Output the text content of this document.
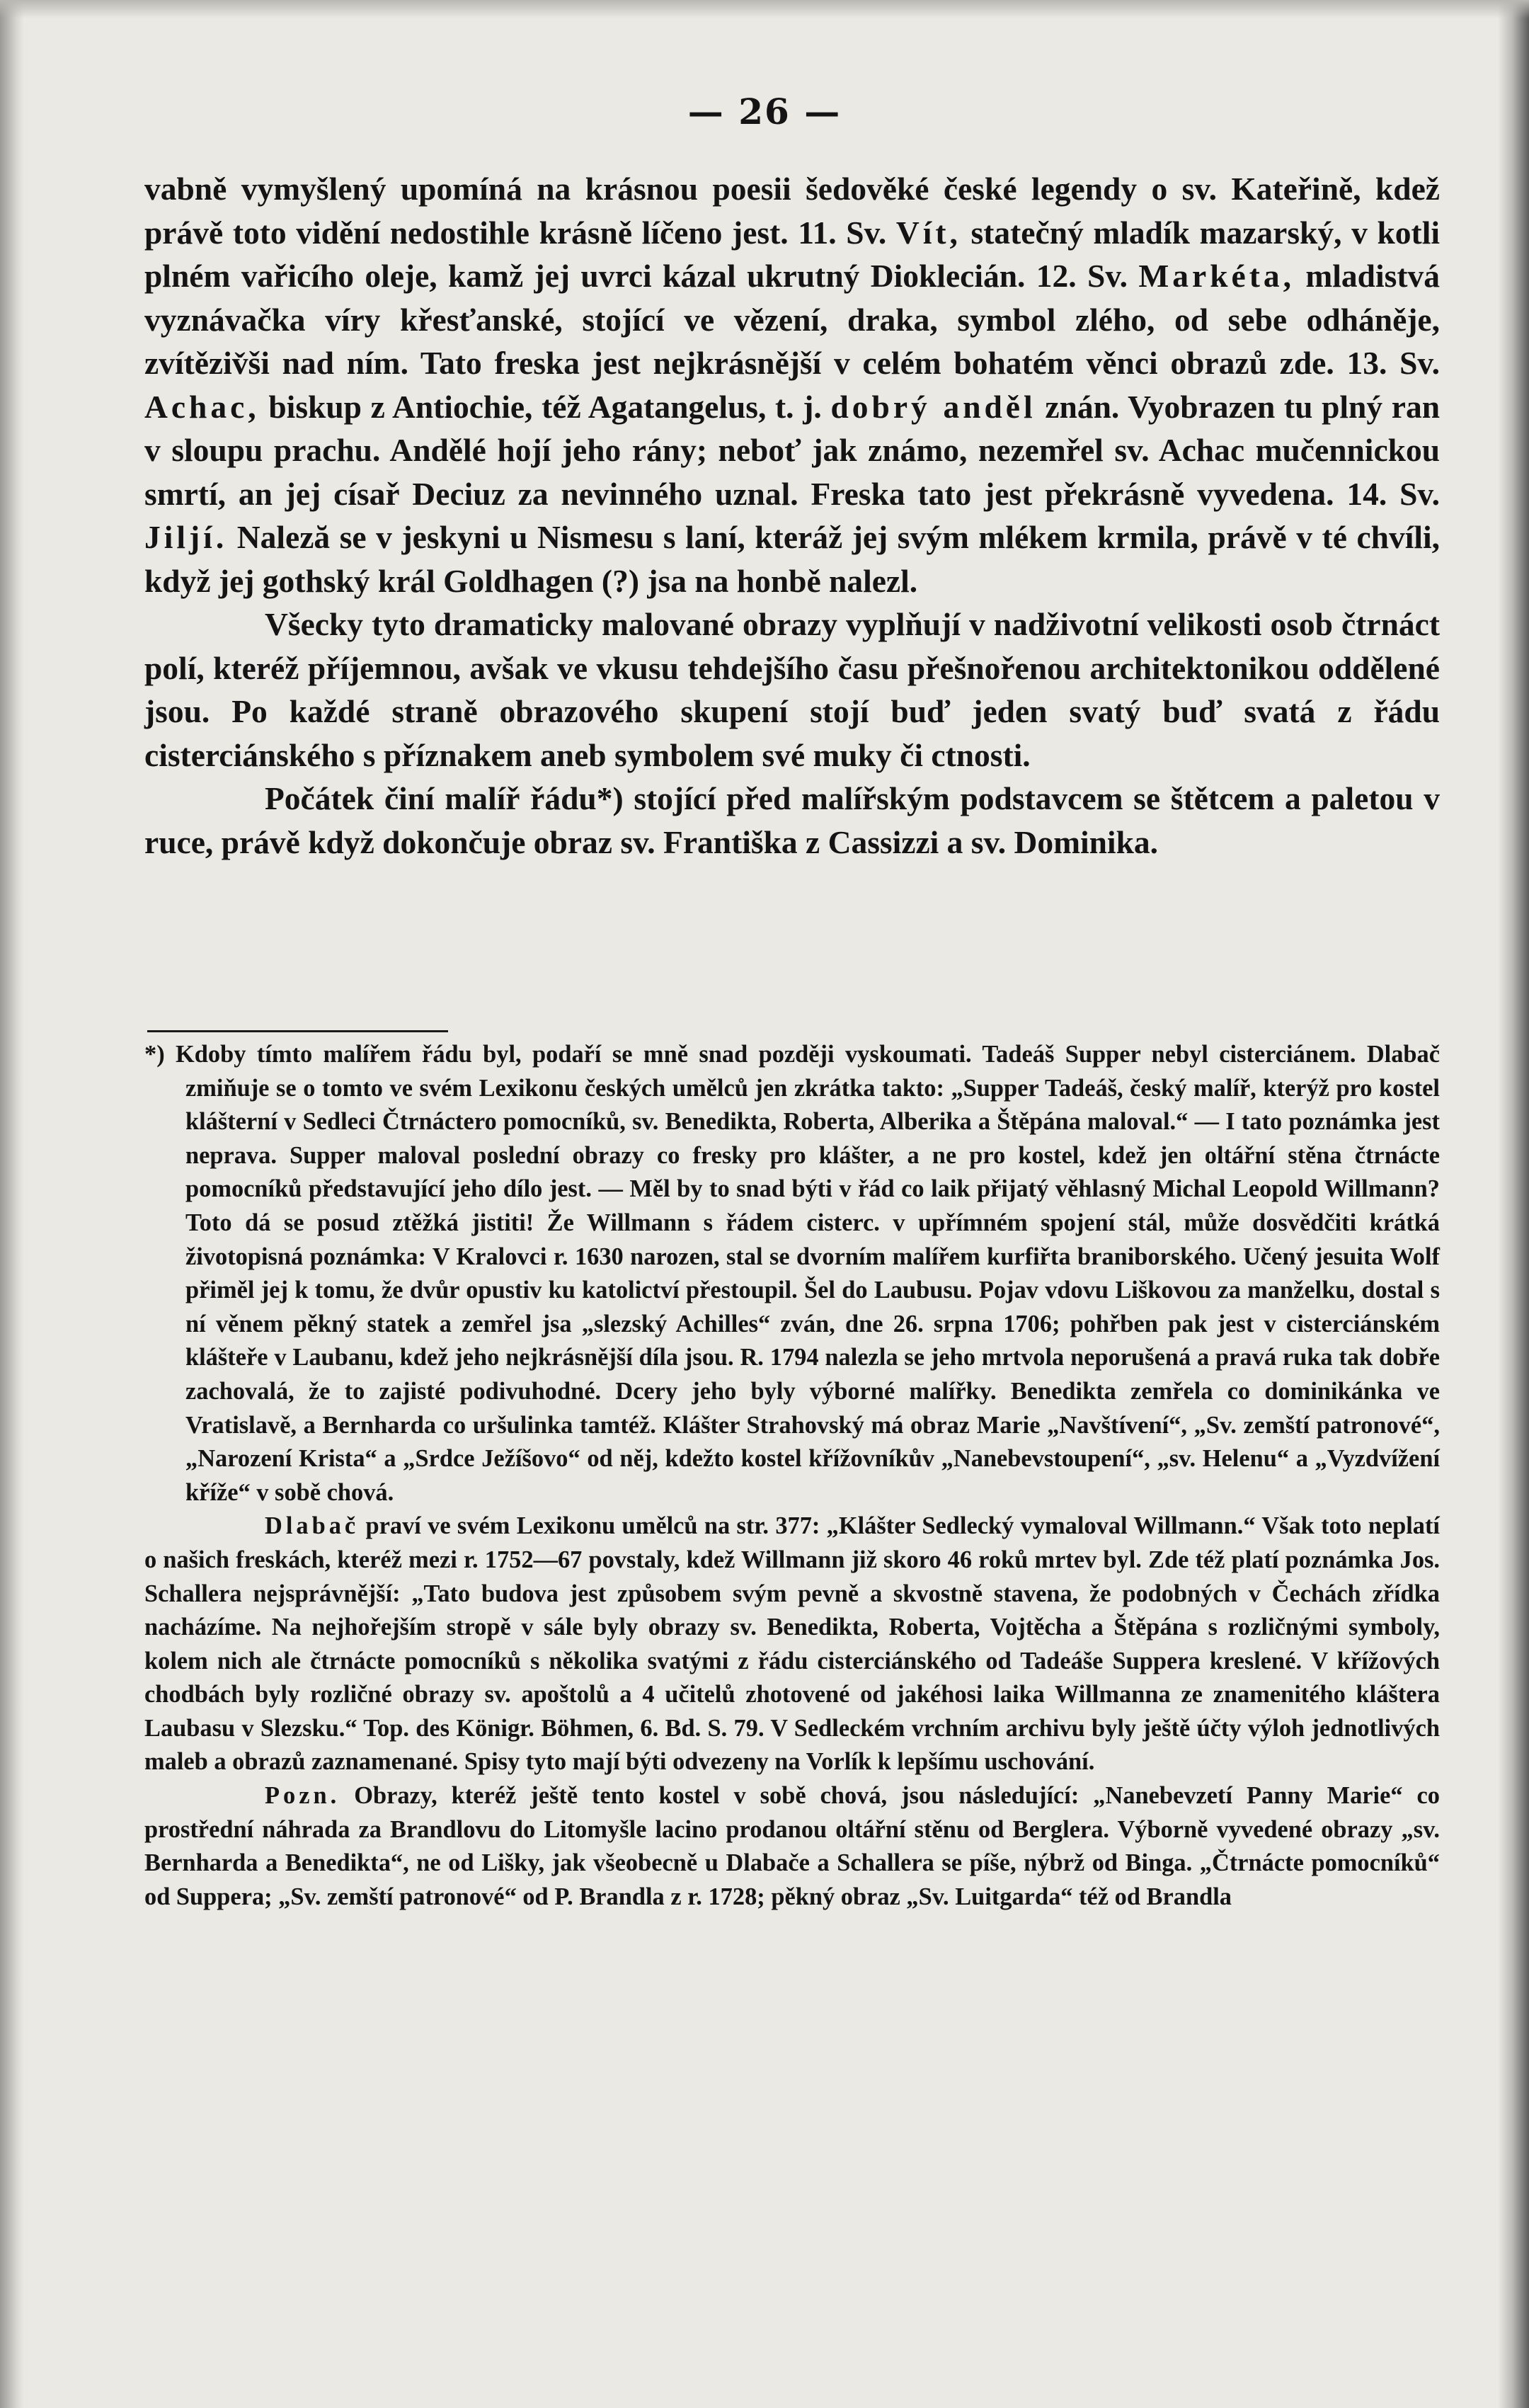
— 26 —

vabně vymyšlený upomíná na krásnou poesii šedověké české legendy o sv. Kateřině, kdež právě toto vidění nedostihle krásně líčeno jest. 11. Sv. Vít, statečný mladík mazarský, v kotli plném vařicího oleje, kamž jej uvrci kázal ukrutný Dioklecián. 12. Sv. Markéta, mladistvá vyznávačka víry křesťanské, stojící ve vězení, draka, symbol zlého, od sebe odháněje, zvítěziv̌ši nad ním. Tato freska jest nejkrásnější v celém bohatém věnci obrazů zde. 13. Sv. Achac, biskup z Antiochie, též Agatangelus, t. j. dobrý anděl znán. Vyobrazen tu plný ran v sloupu prachu. Andělé hojí jeho rány; neboť jak známo, nezemřel sv. Achac mučennickou smrtí, an jej císař Deciuz za nevinného uznal. Freska tato jest překrásně vyvedena. 14. Sv. Jiljí. Naleză se v jeskyni u Nismesu s laní, kteráž jej svým mlékem krmila, právě v té chvíli, když jej gothský král Goldhagen (?) jsa na honbě nalezl.

Všecky tyto dramaticky malované obrazy vyplňují v nadživotní velikosti osob čtrnáct polí, kteréž příjemnou, avšak ve vkusu tehdejšího času přešnořenou architektonikou oddělené jsou. Po každé straně obrazového skupení stojí buď jeden svatý buď svatá z řádu cisterciánského s příznakem aneb symbolem své muky či ctnosti.

Počátek činí malíř řádu*) stojící před malířským podstavcem se štětcem a paletou v ruce, právě když dokončuje obraz sv. Františka z Cassizzi a sv. Dominika.

*) Kdoby tímto malířem řádu byl, podaří se mně snad později vyskoumati. Tadeáš Supper nebyl cisterciánem. Dlabač zmiňuje se o tomto ve svém Lexikonu českých umělců jen zkrátka takto: „Supper Tadeáš, český malíř, kterýž pro kostel klášterní v Sedleci Čtrnáctero pomocníků, sv. Benedikta, Roberta, Alberika a Štěpána maloval.“ — I tato poznámka jest neprava. Supper maloval poslední obrazy co fresky pro klášter, a ne pro kostel, kdež jen oltářní stěna čtrnácte pomocníků představující jeho dílo jest. — Měl by to snad býti v řád co laik přijatý věhlasný Michal Leopold Willmann? Toto dá se posud ztěžká jistiti! Že Willmann s řádem cisterc. v upřímném spojení stál, může dosvědčiti krátká životopisná poznámka: V Kralovci r. 1630 narozen, stal se dvorním malířem kurfiřta braniborského. Učený jesuita Wolf přiměl jej k tomu, že dvůr opustiv ku katolictví přestoupil. Šel do Laubusu. Pojav vdovu Liškovou za manželku, dostal s ní věnem pěkný statek a zemřel jsa „slezský Achilles“ zván, dne 26. srpna 1706; pohřben pak jest v cisterciánském klášteře v Laubanu, kdež jeho nejkrásnější díla jsou. R. 1794 nalezla se jeho mrtvola neporušená a pravá ruka tak dobře zachovalá, že to zajisté podivuhodné. Dcery jeho byly výborné malířky. Benedikta zemřela co dominikánka ve Vratislavě, a Bernharda co uršulinka tamtéž. Klášter Strahovský má obraz Marie „Navštívení“, „Sv. zemští patronové“, „Narození Krista“ a „Srdce Ježíšovo“ od něj, kdežto kostel křížovníkův „Nanebevstoupení“, „sv. Helenu“ a „Vyzdvížení kříže“ v sobě chová.

Dlabač praví ve svém Lexikonu umělců na str. 377: „Klášter Sedlecký vymaloval Willmann.“ Však toto neplatí o našich freskách, kteréž mezi r. 1752—67 povstaly, kdež Willmann již skoro 46 roků mrtev byl. Zde též platí poznámka Jos. Schallera nejsprávnější: „Tato budova jest způsobem svým pevně a skvostně stavena, že podobných v Čechách zřídka nacházíme. Na nejhořejším stropě v sále byly obrazy sv. Benedikta, Roberta, Vojtěcha a Štěpána s rozličnými symboly, kolem nich ale čtrnácte pomocníků s několika svatými z řádu cisterciánského od Tadeáše Suppera kreslené. V křížových chodbách byly rozličné obrazy sv. apoštolů a 4 učitelů zhotovené od jakéhosi laika Willmanna ze znamenitého kláštera Laubasu v Slezsku.“ Top. des Königr. Böhmen, 6. Bd. S. 79. V Sedleckém vrchním archivu byly ještě účty výloh jednotlivých maleb a obrazů zaznamenané. Spisy tyto mají býti odvezeny na Vorlík k lepšímu uschování.

Pozn. Obrazy, kteréž ještě tento kostel v sobě chová, jsou následující: „Nanebevzetí Panny Marie“ co prostřední náhrada za Brandlovu do Litomyšle lacino prodanou oltářní stěnu od Berglera. Výborně vyvedené obrazy „sv. Bernharda a Benedikta“, ne od Lišky, jak všeobecně u Dlabače a Schallera se píše, nýbrž od Binga. „Čtrnácte pomocníků“ od Suppera; „Sv. zemští patronové“ od P. Brandla z r. 1728; pěkný obraz „Sv. Luitgarda“ též od Brandla
